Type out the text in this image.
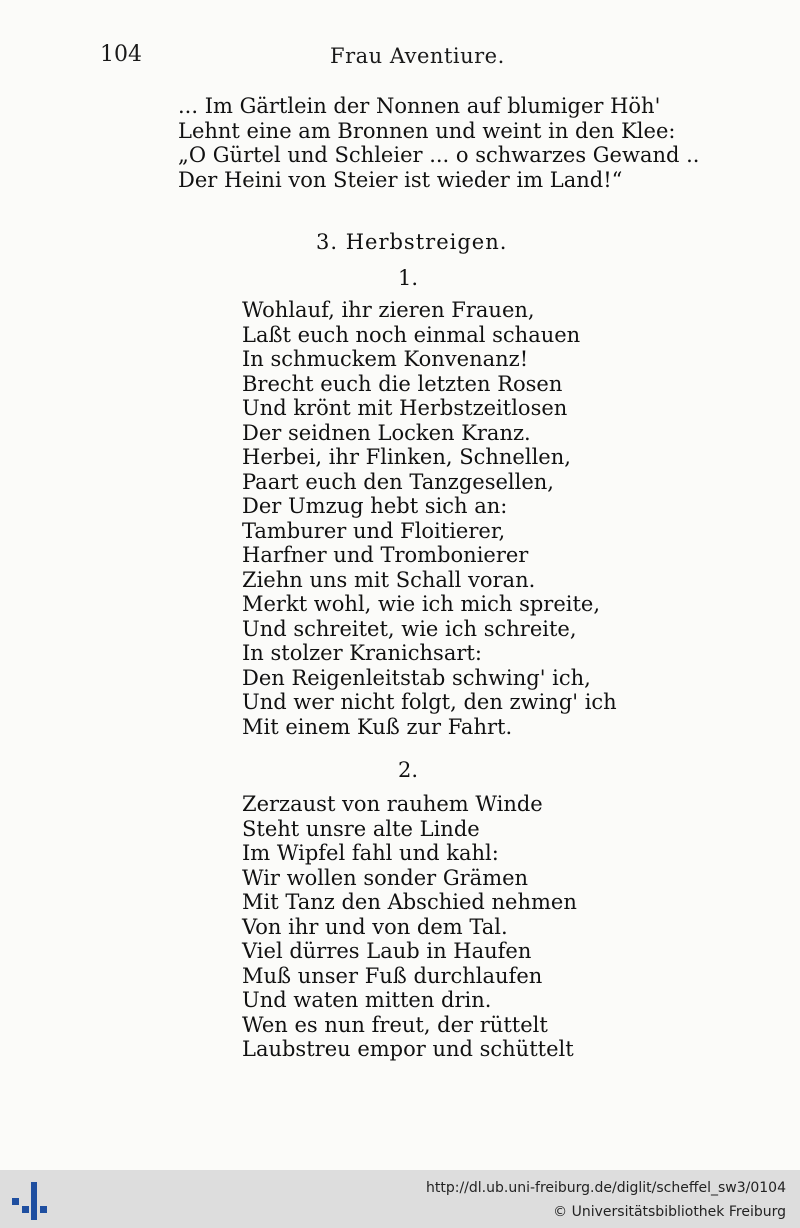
104	Frau Aventiure.
... Im Gärtlein der Nonnen auf blumiger Höh'
Lehnt eine am Bronnen und weint in den Klee:
„O Gürtel und Schleier ... o schwarzes Gewand ..
Der Heini von Steier ist wieder im Land!“
3. Herbstreigen.
1.
Wohlauf, ihr zieren Frauen,
Laßt euch noch einmal schauen
In schmuckem Konvenanz!
Brecht euch die letzten Rosen
Und krönt mit Herbstzeitlosen
Der seidnen Locken Kranz.
Herbei, ihr Flinken, Schnellen,
Paart euch den Tanzgesellen,
Der Umzug hebt sich an:
Tamburer und Floitierer,
Harfner und Trombonierer
Ziehn uns mit Schall voran.
Merkt wohl, wie ich mich spreite,
Und schreitet, wie ich schreite,
In stolzer Kranichsart:
Den Reigenleitstab schwing' ich,
Und wer nicht folgt, den zwing' ich
Mit einem Kuß zur Fahrt.
2.
Zerzaust von rauhem Winde
Steht unsre alte Linde
Im Wipfel fahl und kahl:
Wir wollen sonder Grämen
Mit Tanz den Abschied nehmen
Von ihr und von dem Tal.
Viel dürres Laub in Haufen
Muß unser Fuß durchlaufen
Und waten mitten drin.
Wen es nun freut, der rüttelt
Laubstreu empor und schüttelt
http://dl.ub.uni-freiburg.de/diglit/scheffel_sw3/0104
© Universitätsbibliothek Freiburg
